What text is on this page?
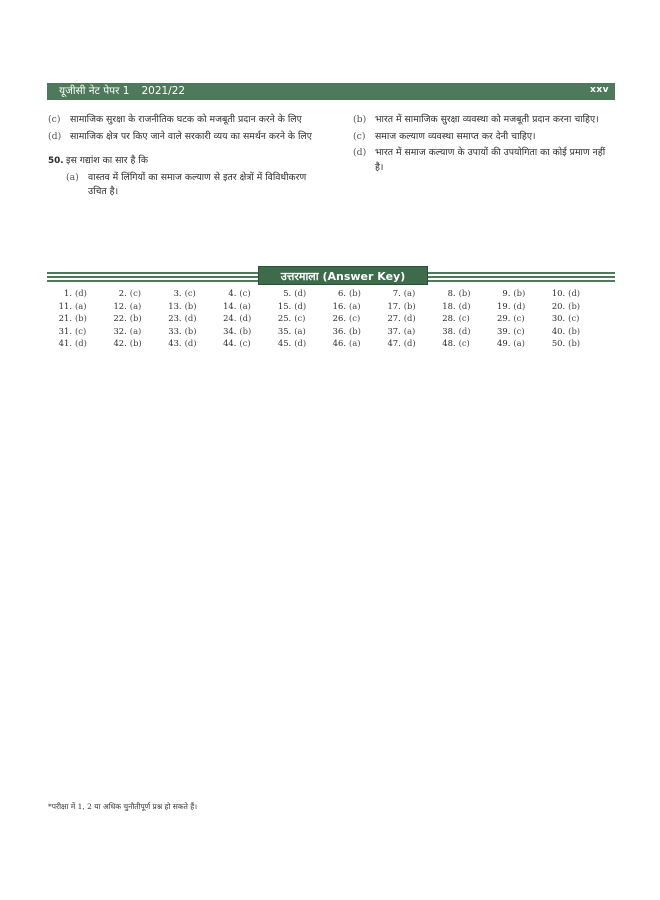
यूजीसी नेट पेपर 1 2021/22	xxv
(c)	सामाजिक सुरक्षा के राजनीतिक घटक को मजबूती प्रदान करने के लिए
(d) सामाजिक क्षेत्र पर किए जाने वाले सरकारी व्यय का समर्थन करने के लिए
50. इस गद्यांश का सार है कि
(a) वास्तव में लिंगियों का समाज कल्याण से इतर क्षेत्रों में विविधीकरण उचित है।
(b) भारत में सामाजिक सुरक्षा व्यवस्था को मजबूती प्रदान करना चाहिए।
(c)	समाज कल्याण व्यवस्था समाप्त कर देनी चाहिए।
(d) भारत में समाज कल्याण के उपायों की उपयोगिता का कोई प्रमाण नहीं है।
उत्तरमाला (Answer Key)
1. (d)	2. (c)	3. (c)	4. (c)	5. (d)	6. (b)	7. (a)	8. (b)	9. (b)	10. (d)
11. (a)	12. (a)	13. (b)	14. (a)	15. (d)	16. (a)	17. (b)	18. (d)	19. (d)	20. (b)
21. (b)	22. (b)	23. (d)	24. (d)	25. (c)	26. (c)	27. (d)	28. (c)	29. (c)	30. (c)
31. (c)	32. (a)	33. (b)	34. (b)	35. (a)	36. (b)	37. (a)	38. (d)	39. (c)	40. (b)
41. (d)	42. (b)	43. (d)	44. (c)	45. (d)	46. (a)	47. (d)	48. (c)	49. (a)	50. (b)
*परीक्षा में 1, 2 या अधिक चुनौतीपूर्ण प्रश्न हो सकते हैं।
